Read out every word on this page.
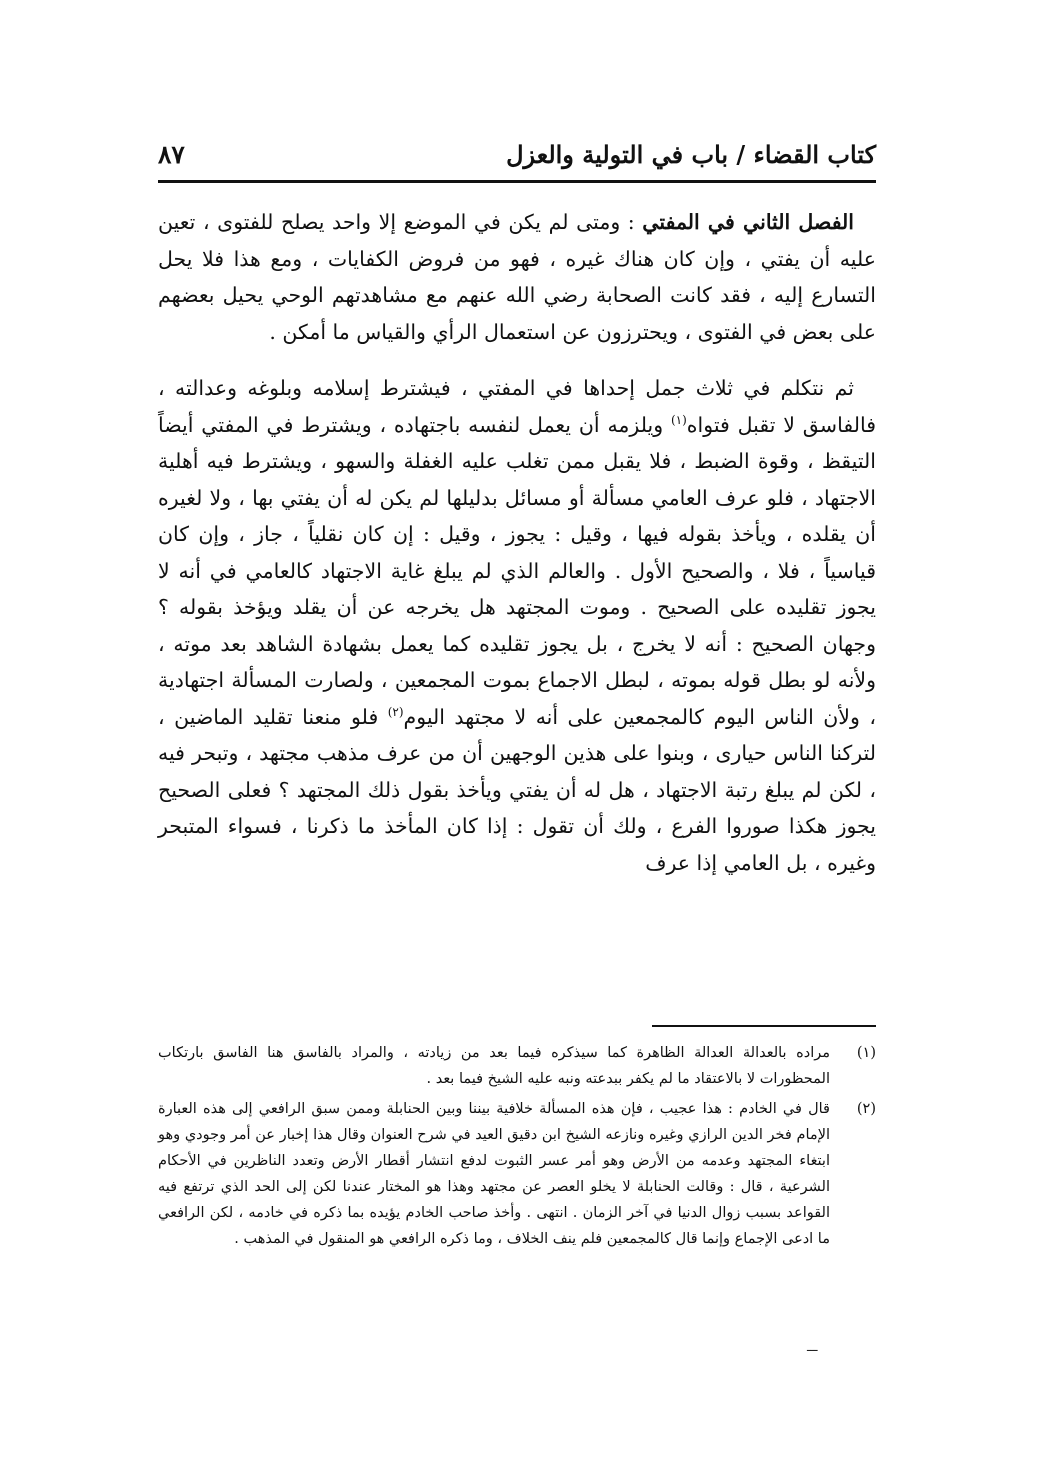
كتاب القضاء / باب في التولية والعزل
٨٧

الفصل الثاني في المفتي : ومتى لم يكن في الموضع إلا واحد يصلح للفتوى ، تعين عليه أن يفتي ، وإن كان هناك غيره ، فهو من فروض الكفايات ، ومع هذا فلا يحل التسارع إليه ، فقد كانت الصحابة رضي الله عنهم مع مشاهدتهم الوحي يحيل بعضهم على بعض في الفتوى ، ويحترزون عن استعمال الرأي والقياس ما أمكن .

ثم نتكلم في ثلاث جمل إحداها في المفتي ، فيشترط إسلامه وبلوغه وعدالته ، فالفاسق لا تقبل فتواه$^{(١)}$ ويلزمه أن يعمل لنفسه باجتهاده ، ويشترط في المفتي أيضاً التيقظ ، وقوة الضبط ، فلا يقبل ممن تغلب عليه الغفلة والسهو ، ويشترط فيه أهلية الاجتهاد ، فلو عرف العامي مسألة أو مسائل بدليلها لم يكن له أن يفتي بها ، ولا لغيره أن يقلده ، ويأخذ بقوله فيها ، وقيل : يجوز ، وقيل : إن كان نقلياً ، جاز ، وإن كان قياسياً ، فلا ، والصحيح الأول . والعالم الذي لم يبلغ غاية الاجتهاد كالعامي في أنه لا يجوز تقليده على الصحيح . وموت المجتهد هل يخرجه عن أن يقلد ويؤخذ بقوله ؟ وجهان الصحيح : أنه لا يخرج ، بل يجوز تقليده كما يعمل بشهادة الشاهد بعد موته ، ولأنه لو بطل قوله بموته ، لبطل الاجماع بموت المجمعين ، ولصارت المسألة اجتهادية ، ولأن الناس اليوم كالمجمعين على أنه لا مجتهد اليوم$^{(٢)}$ فلو منعنا تقليد الماضين ، لتركنا الناس حيارى ، وبنوا على هذين الوجهين أن من عرف مذهب مجتهد ، وتبحر فيه ، لكن لم يبلغ رتبة الاجتهاد ، هل له أن يفتي ويأخذ بقول ذلك المجتهد ؟ فعلى الصحيح يجوز هكذا صوروا الفرع ، ولك أن تقول : إذا كان المأخذ ما ذكرنا ، فسواء المتبحر وغيره ، بل العامي إذا عرف

(١)
مراده بالعدالة العدالة الظاهرة كما سيذكره فيما بعد من زيادته ، والمراد بالفاسق هنا الفاسق بارتكاب المحظورات لا بالاعتقاد ما لم يكفر ببدعته ونبه عليه الشيخ فيما بعد .
(٢)
قال في الخادم : هذا عجيب ، فإن هذه المسألة خلافية بيننا وبين الحنابلة وممن سبق الرافعي إلى هذه العبارة الإمام فخر الدين الرازي وغيره ونازعه الشيخ ابن دقيق العيد في شرح العنوان وقال هذا إخبار عن أمر وجودي وهو ابتغاء المجتهد وعدمه من الأرض وهو أمر عسر الثبوت لدفع انتشار أقطار الأرض وتعدد الناظرين في الأحكام الشرعية ، قال : وقالت الحنابلة لا يخلو العصر عن مجتهد وهذا هو المختار عندنا لكن إلى الحد الذي ترتفع فيه القواعد بسبب زوال الدنيا في آخر الزمان . انتهى . وأخذ صاحب الخادم يؤيده بما ذكره في خادمه ، لكن الرافعي ما ادعى الإجماع وإنما قال كالمجمعين فلم ينف الخلاف ، وما ذكره الرافعي هو المنقول في المذهب .
ـــ
